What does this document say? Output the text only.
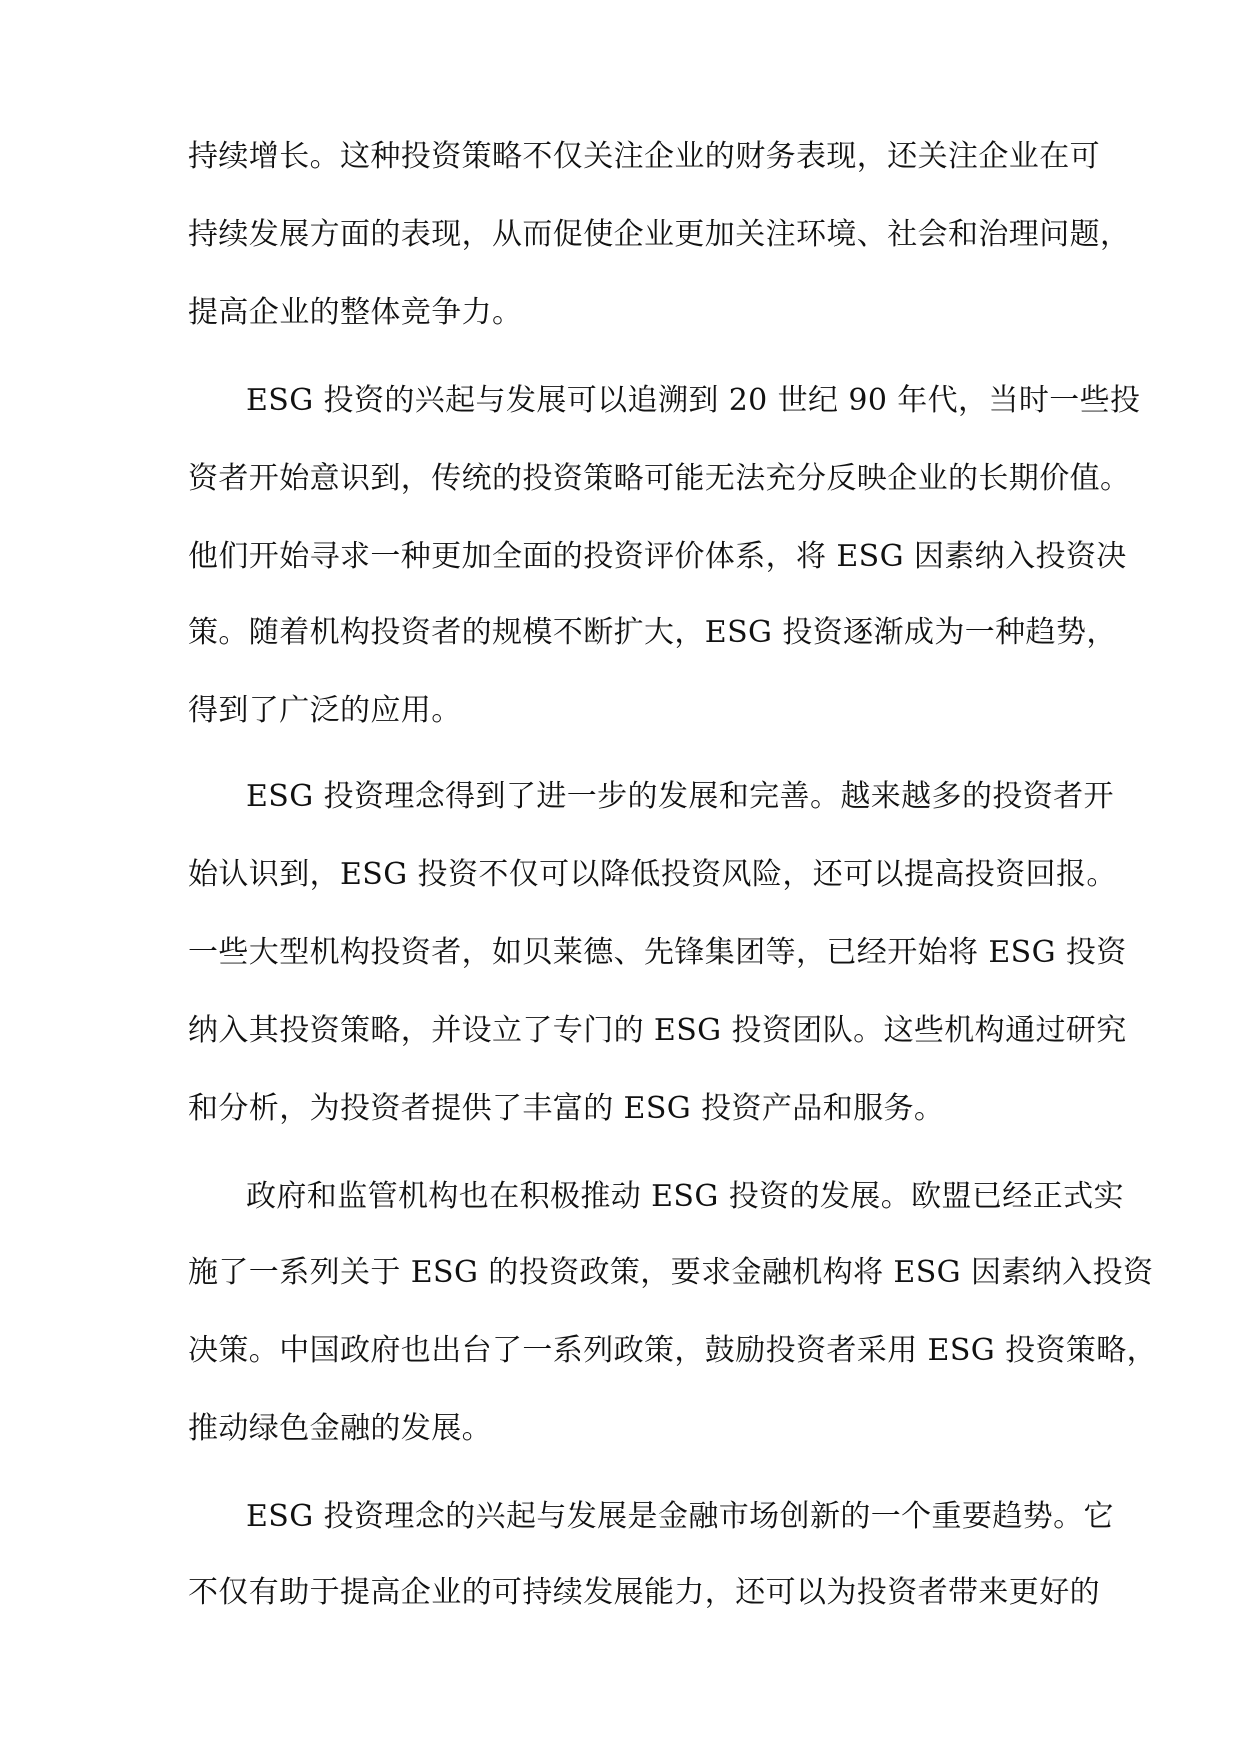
持续增长。这种投资策略不仅关注企业的财务表现，还关注企业在可
持续发展方面的表现，从而促使企业更加关注环境、社会和治理问题，
提高企业的整体竞争力。
ESG 投资的兴起与发展可以追溯到 20 世纪 90 年代，当时一些投
资者开始意识到，传统的投资策略可能无法充分反映企业的长期价值。
他们开始寻求一种更加全面的投资评价体系，将 ESG 因素纳入投资决
策。随着机构投资者的规模不断扩大，ESG 投资逐渐成为一种趋势，
得到了广泛的应用。
ESG 投资理念得到了进一步的发展和完善。越来越多的投资者开
始认识到，ESG 投资不仅可以降低投资风险，还可以提高投资回报。
一些大型机构投资者，如贝莱德、先锋集团等，已经开始将 ESG 投资
纳入其投资策略，并设立了专门的 ESG 投资团队。这些机构通过研究
和分析，为投资者提供了丰富的 ESG 投资产品和服务。
政府和监管机构也在积极推动 ESG 投资的发展。欧盟已经正式实
施了一系列关于 ESG 的投资政策，要求金融机构将 ESG 因素纳入投资
决策。中国政府也出台了一系列政策，鼓励投资者采用 ESG 投资策略，
推动绿色金融的发展。
ESG 投资理念的兴起与发展是金融市场创新的一个重要趋势。它
不仅有助于提高企业的可持续发展能力，还可以为投资者带来更好的
